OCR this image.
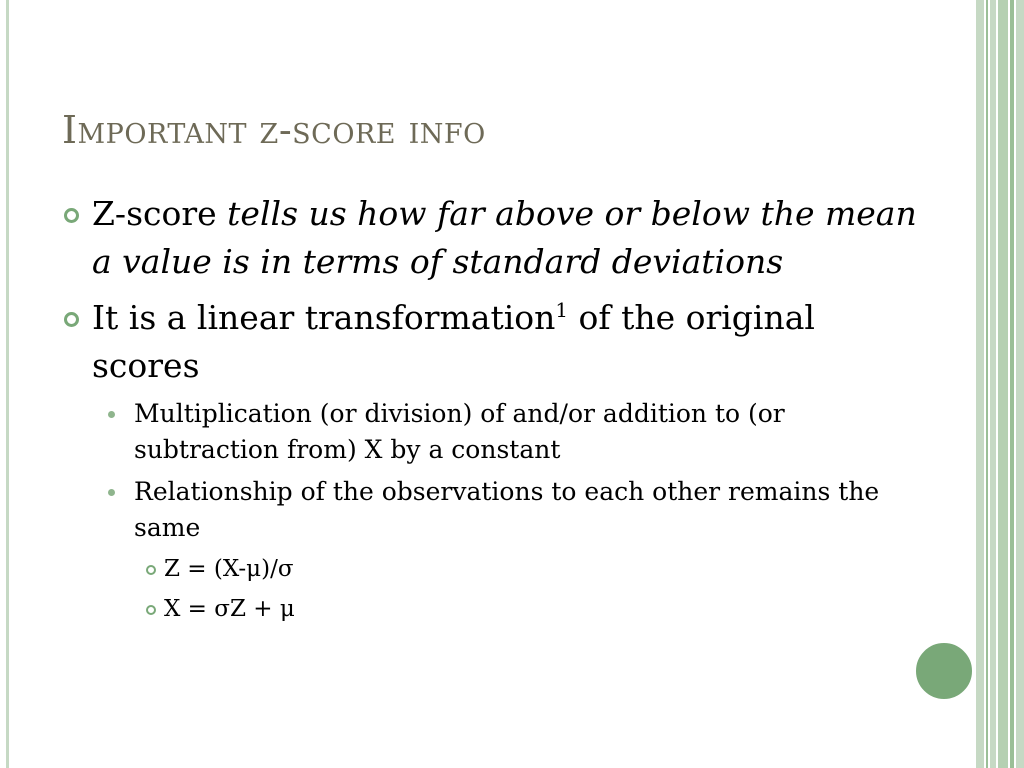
Important z-score info
Z-score tells us how far above or below the mean a value is in terms of standard deviations
It is a linear transformation$^1$ of the original scores
Multiplication (or division) of and/or addition to (or subtraction from) X by a constant
Relationship of the observations to each other remains the same
Z = (X-μ)/σ
X = σZ + μ
